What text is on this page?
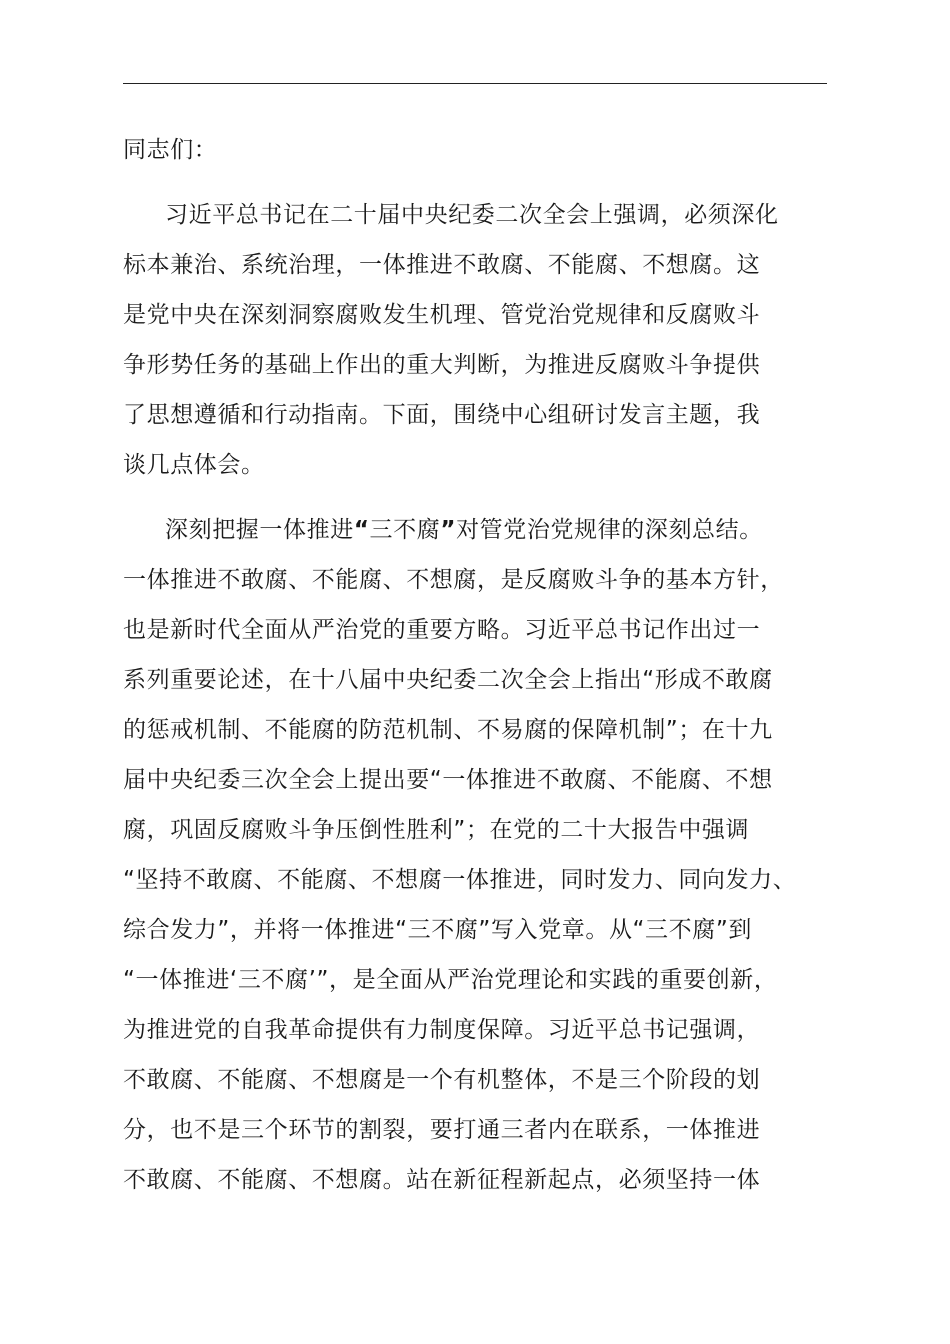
同志们：
习近平总书记在二十届中央纪委二次全会上强调，必须深化
标本兼治、系统治理，一体推进不敢腐、不能腐、不想腐。这
是党中央在深刻洞察腐败发生机理、管党治党规律和反腐败斗
争形势任务的基础上作出的重大判断，为推进反腐败斗争提供
了思想遵循和行动指南。下面，围绕中心组研讨发言主题，我
谈几点体会。
深刻把握一体推进“三不腐”对管党治党规律的深刻总结。
一体推进不敢腐、不能腐、不想腐，是反腐败斗争的基本方针，
也是新时代全面从严治党的重要方略。习近平总书记作出过一
系列重要论述，在十八届中央纪委二次全会上指出“形成不敢腐
的惩戒机制、不能腐的防范机制、不易腐的保障机制”；在十九
届中央纪委三次全会上提出要“一体推进不敢腐、不能腐、不想
腐，巩固反腐败斗争压倒性胜利”；在党的二十大报告中强调
“坚持不敢腐、不能腐、不想腐一体推进，同时发力、同向发力、
综合发力”，并将一体推进“三不腐”写入党章。从“三不腐”到
“一体推进‘三不腐’”，是全面从严治党理论和实践的重要创新，
为推进党的自我革命提供有力制度保障。习近平总书记强调，
不敢腐、不能腐、不想腐是一个有机整体，不是三个阶段的划
分，也不是三个环节的割裂，要打通三者内在联系，一体推进
不敢腐、不能腐、不想腐。站在新征程新起点，必须坚持一体
